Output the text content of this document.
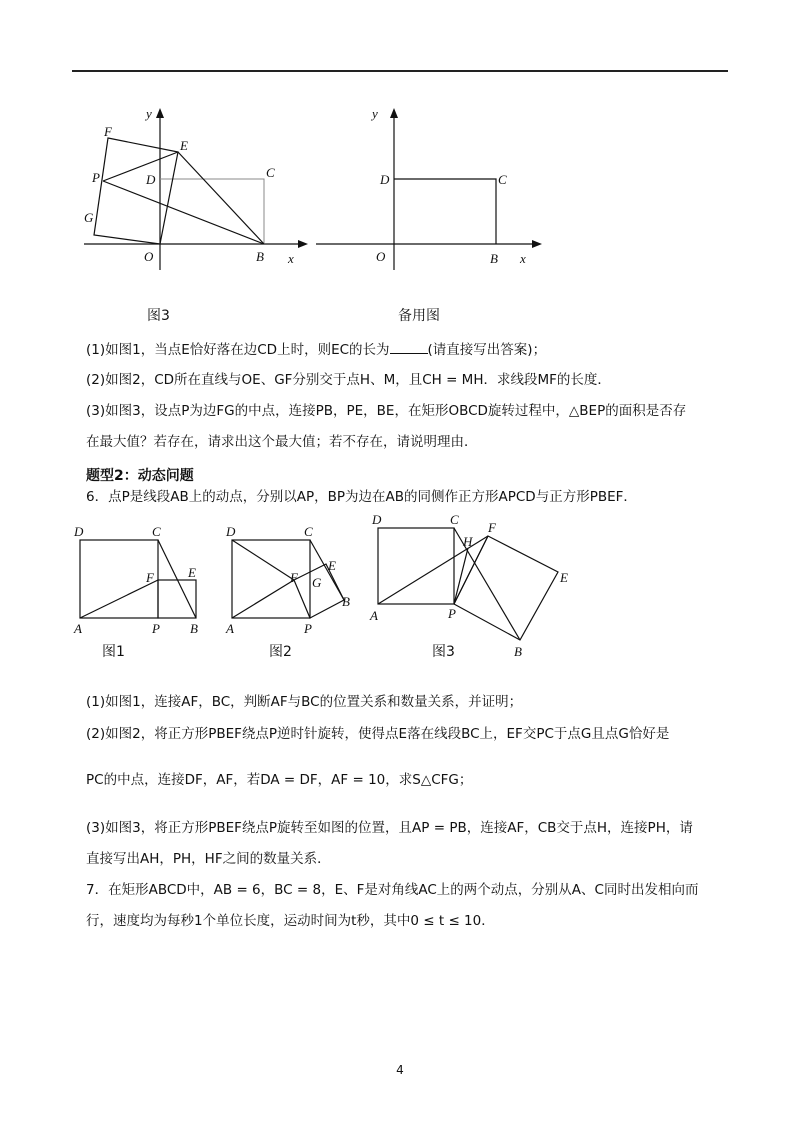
y
F
E
P	D	C
G
O	B x
图3
y
D	C
O	B x
备用图
(1)如图1，当点E恰好落在边CD上时，则EC的长为	(请直接写出答案)；
(2)如图2，CD所在直线与OE、GF分别交于点H、M，且CH = MH．求线段MF的长度．
(3)如图3，设点P为边FG的中点，连接PB，PE，BE，在矩形OBCD旋转过程中，△BEP的面积是否存
在最大值？若存在，请求出这个最大值；若不存在，请说明理由．
题型2：动态问题
6．点P是线段AB上的动点，分别以AP，BP为边在AB的同侧作正方形APCD与正方形PBEF．
D	C
F	E
A	P B
图1
D	C
F
E
G
B
A	P
图2
D	C
F
H
E
A	P
B
图3
(1)如图1，连接AF，BC，判断AF与BC的位置关系和数量关系，并证明；
(2)如图2，将正方形PBEF绕点P逆时针旋转，使得点E落在线段BC上，EF交PC于点G且点G恰好是
PC的中点，连接DF，AF，若DA = DF，AF = 10，求S△CFG；
(3)如图3，将正方形PBEF绕点P旋转至如图的位置，且AP = PB，连接AF，CB交于点H，连接PH，请
直接写出AH，PH，HF之间的数量关系．
7．在矩形ABCD中，AB = 6，BC = 8，E、F是对角线AC上的两个动点，分别从A、C同时出发相向而
行，速度均为每秒1个单位长度，运动时间为t秒，其中0 ≤ t ≤ 10．
4
